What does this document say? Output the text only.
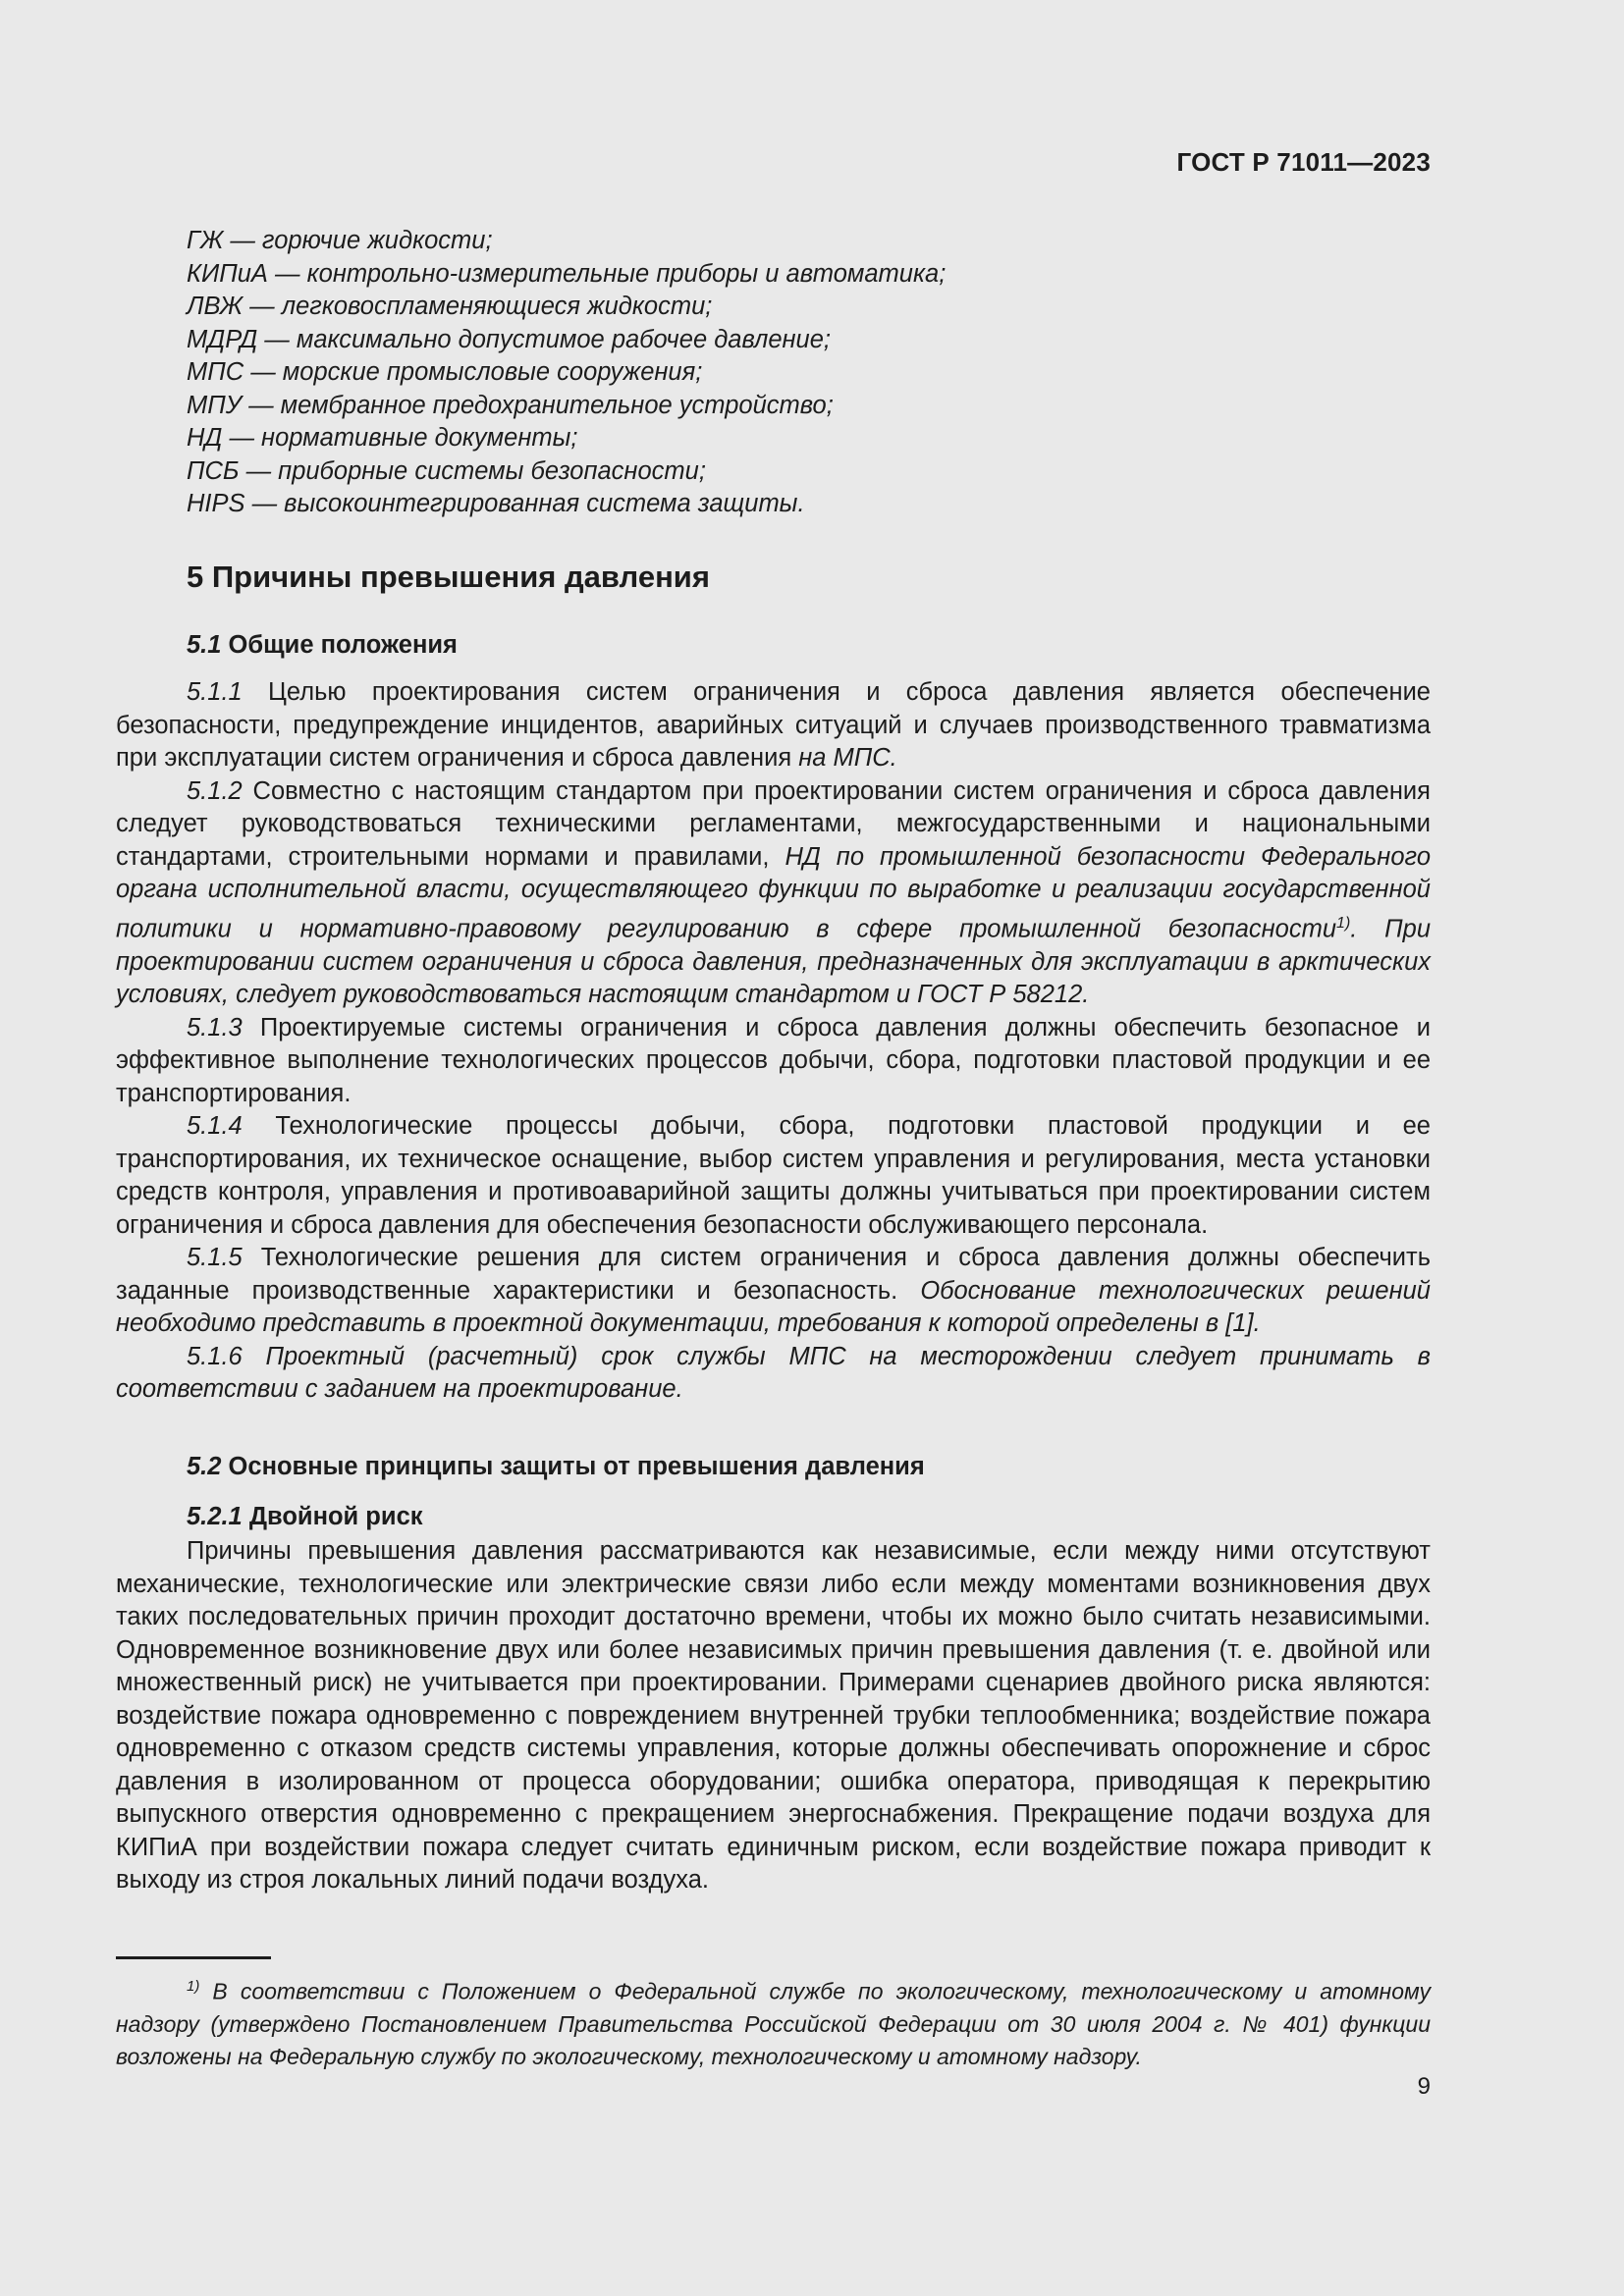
ГОСТ Р 71011—2023
ГЖ — горючие жидкости;
КИПиА — контрольно-измерительные приборы и автоматика;
ЛВЖ — легковоспламеняющиеся жидкости;
МДРД — максимально допустимое рабочее давление;
МПС — морские промысловые сооружения;
МПУ — мембранное предохранительное устройство;
НД — нормативные документы;
ПСБ — приборные системы безопасности;
HIPS — высокоинтегрированная система защиты.
5 Причины превышения давления
5.1 Общие положения

5.1.1 Целью проектирования систем ограничения и сброса давления является обеспечение безопасности, предупреждение инцидентов, аварийных ситуаций и случаев производственного травматизма при эксплуатации систем ограничения и сброса давления на МПС.

5.1.2 Совместно с настоящим стандартом при проектировании систем ограничения и сброса давления следует руководствоваться техническими регламентами, межгосударственными и национальными стандартами, строительными нормами и правилами, НД по промышленной безопасности Федерального органа исполнительной власти, осуществляющего функции по выработке и реализации государственной политики и нормативно-правовому регулированию в сфере промышленной безопасности$^{1)}$. При проектировании систем ограничения и сброса давления, предназначенных для эксплуатации в арктических условиях, следует руководствоваться настоящим стандартом и ГОСТ Р 58212.

5.1.3 Проектируемые системы ограничения и сброса давления должны обеспечить безопасное и эффективное выполнение технологических процессов добычи, сбора, подготовки пластовой продукции и ее транспортирования.

5.1.4 Технологические процессы добычи, сбора, подготовки пластовой продукции и ее транспортирования, их техническое оснащение, выбор систем управления и регулирования, места установки средств контроля, управления и противоаварийной защиты должны учитываться при проектировании систем ограничения и сброса давления для обеспечения безопасности обслуживающего персонала.

5.1.5 Технологические решения для систем ограничения и сброса давления должны обеспечить заданные производственные характеристики и безопасность. Обоснование технологических решений необходимо представить в проектной документации, требования к которой определены в [1].

5.1.6 Проектный (расчетный) срок службы МПС на месторождении следует принимать в соответствии с заданием на проектирование.

5.2 Основные принципы защиты от превышения давления
5.2.1 Двойной риск

Причины превышения давления рассматриваются как независимые, если между ними отсутствуют механические, технологические или электрические связи либо если между моментами возникновения двух таких последовательных причин проходит достаточно времени, чтобы их можно было считать независимыми. Одновременное возникновение двух или более независимых причин превышения давления (т. е. двойной или множественный риск) не учитывается при проектировании. Примерами сценариев двойного риска являются: воздействие пожара одновременно с повреждением внутренней трубки теплообменника; воздействие пожара одновременно с отказом средств системы управления, которые должны обеспечивать опорожнение и сброс давления в изолированном от процесса оборудовании; ошибка оператора, приводящая к перекрытию выпускного отверстия одновременно с прекращением энергоснабжения. Прекращение подачи воздуха для КИПиА при воздействии пожара следует считать единичным риском, если воздействие пожара приводит к выходу из строя локальных линий подачи воздуха.

$^{1)}$ В соответствии с Положением о Федеральной службе по экологическому, технологическому и атомному надзору (утверждено Постановлением Правительства Российской Федерации от 30 июля 2004 г. № 401) функции возложены на Федеральную службу по экологическому, технологическому и атомному надзору.
9
